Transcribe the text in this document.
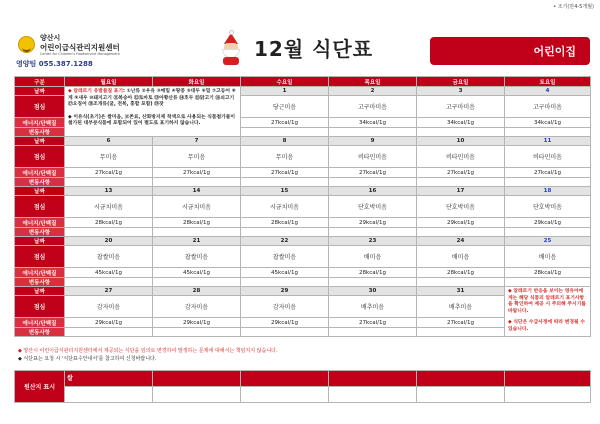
• 조기(만4-5개월)
양산시
어린이급식관리지원센터
Center for Children's Foodservice Management
영양팀 055.387.1288
12월 식단표	어린이집
구분	월요일	화요일	수요일	목요일	금요일	토요일
날짜	◆ 알레르기 유발물질 표기: ①난류 ②우유 ③메밀 ④땅콩 ⑤대두 ⑥밀 ⑦고등어 ⑧게 ⑨새우 ⑩돼지고기 ⑪복숭아 ⑫토마토 ⑬아황산류 ⑭호두 ⑮닭고기 ⑯쇠고기 ⑰오징어 ⑱조개류(굴, 전복, 홍합 포함) ⑲잣
◆ 이유식(초기)은 쌀미음, 보존료, 산화방지제 착색으로 사용되는 식품첨가물이 첨가된 대부분식품에 포함되어 있어 별도로 표기하지 않습니다.		1	2	3	4
점심			당근미음	고구마미음	고구마미음	고구마미음
에너지/단백질			27kcal/1g	34kcal/1g	34kcal/1g	34kcal/1g
변동사항						
날짜	6	7	8	9	10	11
점심	무미음	무미음	무미음	비타민미음	비타민미음	비타민미음
에너지/단백질	27kcal/1g	27kcal/1g	27kcal/1g	27kcal/1g	27kcal/1g	27kcal/1g
변동사항						
날짜	13	14	15	16	17	18
점심	시금치미음	시금치미음	시금치미음	단호박미음	단호박미음	단호박미음
에너지/단백질	28kcal/1g	28kcal/1g	28kcal/1g	29kcal/1g	29kcal/1g	29kcal/1g
변동사항						
날짜	20	21	22	23	24	25
점심	찹쌀미음	찹쌀미음	찹쌀미음	배미음	배미음	배미음
에너지/단백질	45kcal/1g	45kcal/1g	45kcal/1g	28kcal/1g	28kcal/1g	28kcal/1g
변동사항						
날짜	27	28	29	30	31	◆ 알레르기 반응을 보이는 영유아에게는 해당 식품의 알레르기 표기사항을 확인하여 제공 시 주의해 주시기를 바랍니다.
◆ 식단은 수급사정에 따라 변경될 수 있습니다.

점심	감자미음	감자미음	감자미음	배추미음	배추미음	
에너지/단백질	29kcal/1g	29kcal/1g	29kcal/1g	27kcal/1g	27kcal/1g	
변동사항						
◆ 양산시 어린이급식관리지원센터에서 제공되는 식단을 임의로 변경하여 발생하는 문제에 대해서는 책임지지 않습니다.
◆ 식단표는 요청 시 '식단표수안내서'를 참고하여 신청바랍니다.
원산지 표시	쌀					
